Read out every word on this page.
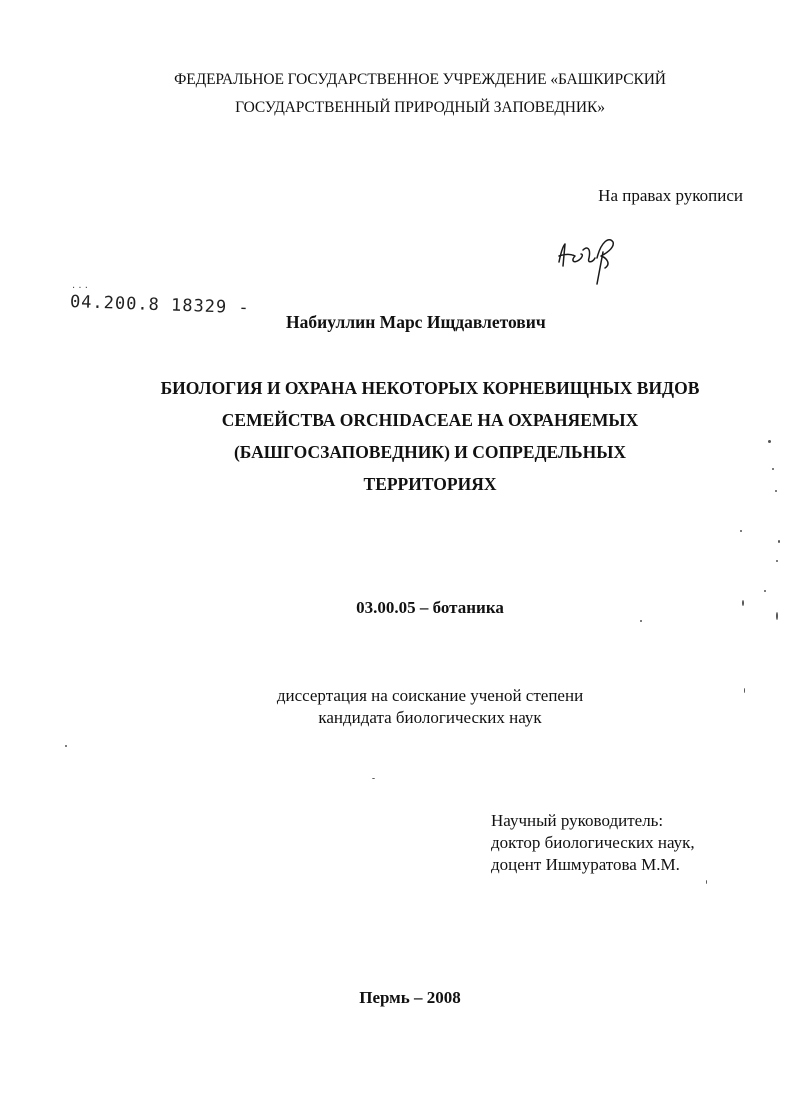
ФЕДЕРАЛЬНОЕ ГОСУДАРСТВЕННОЕ УЧРЕЖДЕНИЕ «БАШКИРСКИЙ
ГОСУДАРСТВЕННЫЙ ПРИРОДНЫЙ ЗАПОВЕДНИК»
На правах рукописи
· · ·
04.200.8 18329 -
Набиуллин Марс Ищдавлетович
БИОЛОГИЯ И ОХРАНА НЕКОТОРЫХ КОРНЕВИЩНЫХ ВИДОВ
СЕМЕЙСТВА ORCHIDACEAE НА ОХРАНЯЕМЫХ
(БАШГОСЗАПОВЕДНИК) И СОПРЕДЕЛЬНЫХ
ТЕРРИТОРИЯХ
03.00.05 – ботаника
диссертация на соискание ученой степени
кандидата биологических наук
Научный руководитель:
доктор биологических наук,
доцент Ишмуратова М.М.
Пермь – 2008
